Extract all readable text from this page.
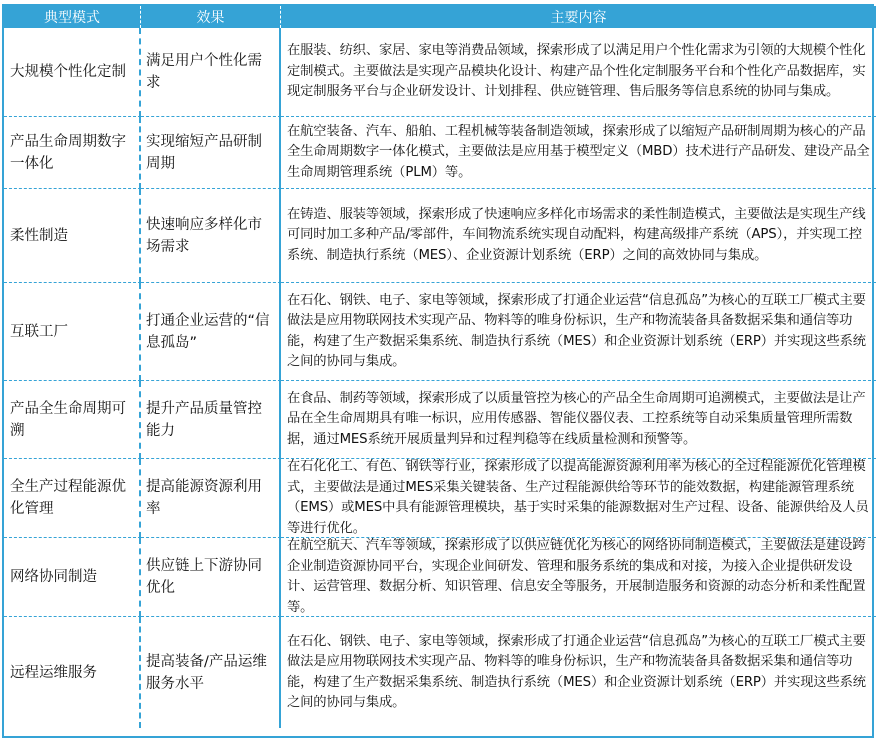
典型模式	效果	主要内容
大规模个性化定制
满足用户个性化需求
在服装、纺织、家居、家电等消费品领域，探索形成了以满足用户个性化需求为引领的大规模个性化定制模式。主要做法是实现产品模块化设计、构建产品个性化定制服务平台和个性化产品数据库，实现定制服务平台与企业研发设计、计划排程、供应链管理、售后服务等信息系统的协同与集成。
产品生命周期数字一体化
实现缩短产品研制周期
在航空装备、汽车、船舶、工程机械等装备制造领域，探索形成了以缩短产品研制周期为核心的产品全生命周期数字一体化模式，主要做法是应用基于模型定义（MBD）技术进行产品研发、建设产品全生命周期管理系统（PLM）等。
柔性制造
快速响应多样化市场需求
在铸造、服装等领域，探索形成了快速响应多样化市场需求的柔性制造模式，主要做法是实现生产线可同时加工多种产品/零部件，车间物流系统实现自动配料，构建高级排产系统（APS），并实现工控系统、制造执行系统（MES）、企业资源计划系统（ERP）之间的高效协同与集成。
互联工厂
打通企业运营的“信息孤岛”
在石化、钢铁、电子、家电等领域，探索形成了打通企业运营“信息孤岛”为核心的互联工厂模式主要做法是应用物联网技术实现产品、物料等的唯身份标识，生产和物流装备具备数据采集和通信等功能，构建了生产数据采集系统、制造执行系统（MES）和企业资源计划系统（ERP）并实现这些系统之间的协同与集成。
产品全生命周期可溯
提升产品质量管控能力
在食品、制药等领域，探索形成了以质量管控为核心的产品全生命周期可追溯模式，主要做法是让产品在全生命周期具有唯一标识，应用传感器、智能仪器仪表、工控系统等自动采集质量管理所需数据，通过MES系统开展质量判异和过程判稳等在线质量检测和预警等。
全生产过程能源优化管理
提高能源资源利用率
在石化化工、有色、钢铁等行业，探索形成了以提高能源资源利用率为核心的全过程能源优化管理模式，主要做法是通过MES采集关键装备、生产过程能源供给等环节的能效数据，构建能源管理系统（EMS）或MES中具有能源管理模块，基于实时采集的能源数据对生产过程、设备、能源供给及人员等进行优化。
网络协同制造
供应链上下游协同优化
在航空航天、汽车等领域，探索形成了以供应链优化为核心的网络协同制造模式，主要做法是建设跨企业制造资源协同平台，实现企业间研发、管理和服务系统的集成和对接，为接入企业提供研发设计、运营管理、数据分析、知识管理、信息安全等服务，开展制造服务和资源的动态分析和柔性配置等。
远程运维服务
提高装备/产品运维服务水平
在石化、钢铁、电子、家电等领域，探索形成了打通企业运营“信息孤岛”为核心的互联工厂模式主要做法是应用物联网技术实现产品、物料等的唯身份标识，生产和物流装备具备数据采集和通信等功能，构建了生产数据采集系统、制造执行系统（MES）和企业资源计划系统（ERP）并实现这些系统之间的协同与集成。
